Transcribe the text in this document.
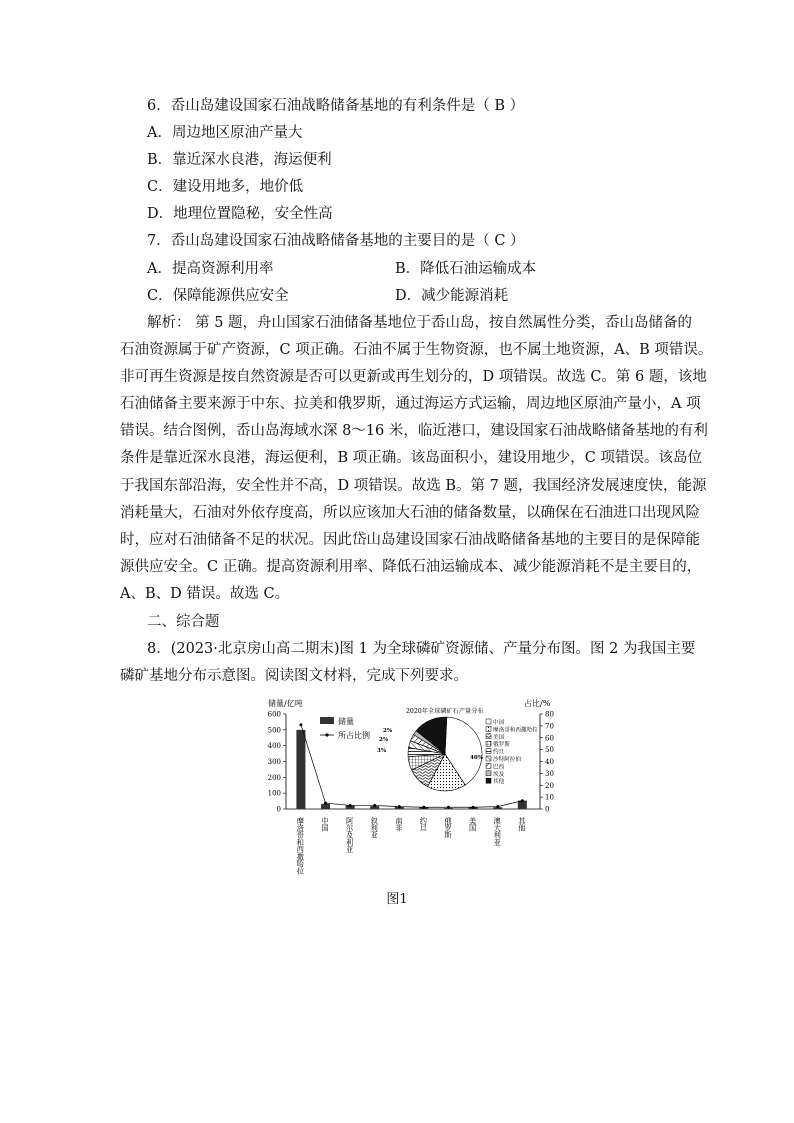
6．岙山岛建设国家石油战略储备基地的有利条件是（ B ）
A．周边地区原油产量大
B．靠近深水良港，海运便利
C．建设用地多，地价低
D．地理位置隐秘，安全性高
7．岙山岛建设国家石油战略储备基地的主要目的是（ C ）
A．提高资源利用率	B．降低石油运输成本
C．保障能源供应安全	D．减少能源消耗
解析： 第 5 题，舟山国家石油储备基地位于岙山岛，按自然属性分类，岙山岛储备的
石油资源属于矿产资源，C 项正确。石油不属于生物资源，也不属土地资源，A、B 项错误。
非可再生资源是按自然资源是否可以更新或再生划分的，D 项错误。故选 C。第 6 题，该地
石油储备主要来源于中东、拉美和俄罗斯，通过海运方式运输，周边地区原油产量小，A 项
错误。结合图例，岙山岛海域水深 8～16 米，临近港口，建设国家石油战略储备基地的有利
条件是靠近深水良港，海运便利，B 项正确。该岛面积小，建设用地少，C 项错误。该岛位
于我国东部沿海，安全性并不高，D 项错误。故选 B。第 7 题，我国经济发展速度快，能源
消耗量大，石油对外依存度高，所以应该加大石油的储备数量，以确保在石油进口出现风险
时，应对石油储备不足的状况。因此岱山岛建设国家石油战略储备基地的主要目的是保障能
源供应安全。C 正确。提高资源利用率、降低石油运输成本、减少能源消耗不是主要目的，
A、B、D 错误。故选 C。
二、综合题
8．(2023·北京房山高二期末)图 1 为全球磷矿资源储、产量分布图。图 2 为我国主要
磷矿基地分布示意图。阅读图文材料，完成下列要求。
储量/亿吨	占比/%
600
500
400
300
200
100
0
80
70
60
50
40
30
20
10
0
摩洛哥和西撒哈拉 中国 阿尔及利亚 叙利亚 南非 约旦 俄罗斯 美国 澳大利亚 其他
储量
所占比例
2020年全球磷矿石产量分布
40%
3%
2%
2%
中国
摩洛哥和西撒哈拉
美国
俄罗斯
约旦
沙特阿拉伯
巴西
埃及
其他
图1
